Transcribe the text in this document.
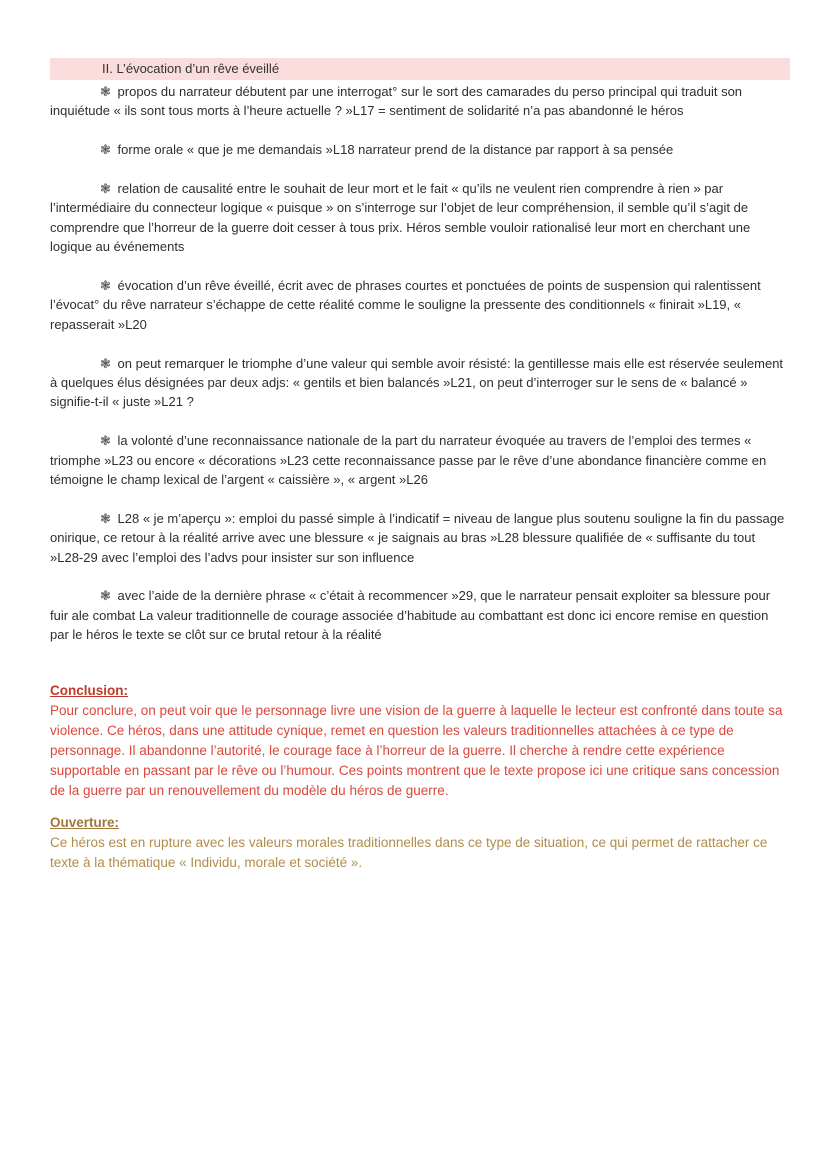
II. L’évocation d’un rêve éveillé

❃ propos du narrateur débutent par une interrogat° sur le sort des camarades du perso principal qui traduit son inquiétude « ils sont tous morts à l’heure actuelle ? »L17 = sentiment de solidarité n’a pas abandonné le héros

❃ forme orale « que je me demandais »L18 narrateur prend de la distance par rapport à sa pensée

❃ relation de causalité entre le souhait de leur mort et le fait « qu’ils ne veulent rien comprendre à rien » par l’intermédiaire du connecteur logique « puisque » on s’interroge sur l’objet de leur compréhension, il semble qu’il s’agit de comprendre que l’horreur de la guerre doit cesser à tous prix. Héros semble vouloir rationalisé leur mort en cherchant une logique au événements

❃ évocation d’un rêve éveillé, écrit avec de phrases courtes et ponctuées de points de suspension qui ralentissent l’évocat° du rêve narrateur s’échappe de cette réalité comme le souligne la pressente des conditionnels « finirait »L19, « repasserait »L20

❃ on peut remarquer le triomphe d’une valeur qui semble avoir résisté: la gentillesse mais elle est réservée seulement à quelques élus désignées par deux adjs: « gentils et bien balancés »L21, on peut d’interroger sur le sens de « balancé » signifie-t-il « juste »L21 ?

❃ la volonté d’une reconnaissance nationale de la part du narrateur évoquée au travers de l’emploi des termes « triomphe »L23 ou encore « décorations »L23 cette reconnaissance passe par le rêve d’une abondance financière comme en témoigne le champ lexical de l’argent « caissière », « argent »L26

❃ L28 « je m’aperçu »: emploi du passé simple à l’indicatif = niveau de langue plus soutenu souligne la fin du passage onirique, ce retour à la réalité arrive avec une blessure « je saignais au bras »L28 blessure qualifiée de « suffisante du tout »L28-29 avec l’emploi des l’advs pour insister sur son influence

❃ avec l’aide de la dernière phrase « c’était à recommencer »29, que le narrateur pensait exploiter sa blessure pour fuir ale combat La valeur traditionnelle de courage associée d’habitude au combattant est donc ici encore remise en question par le héros le texte se clôt sur ce brutal retour à la réalité

Conclusion:

Pour conclure, on peut voir que le personnage livre une vision de la guerre à laquelle le lecteur est confronté dans toute sa violence. Ce héros, dans une attitude cynique, remet en question les valeurs traditionnelles attachées à ce type de personnage. Il abandonne l’autorité, le courage face à l’horreur de la guerre. Il cherche à rendre cette expérience supportable en passant par le rêve ou l’humour. Ces points montrent que le texte propose ici une critique sans concession de la guerre par un renouvellement du modèle du héros de guerre.

Ouverture:

Ce héros est en rupture avec les valeurs morales traditionnelles dans ce type de situation, ce qui permet de rattacher ce texte à la thématique « Individu, morale et société ».
